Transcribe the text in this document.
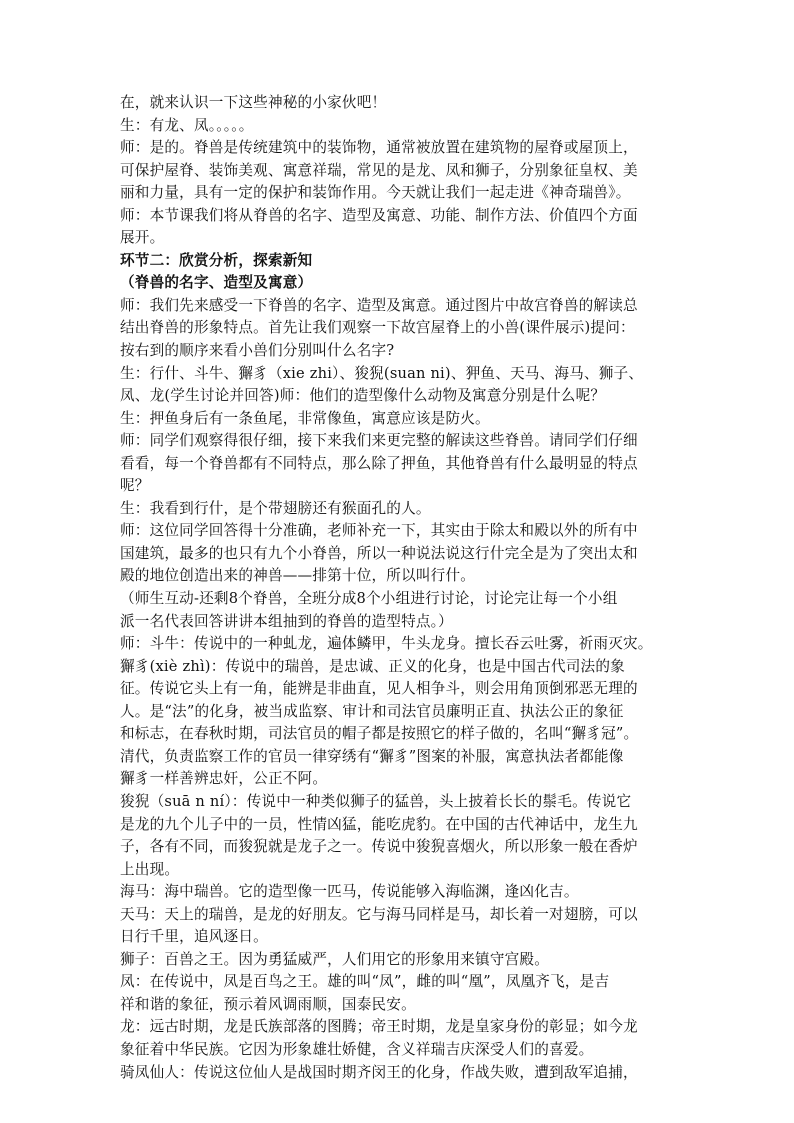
在，就来认识一下这些神秘的小家伙吧！

生：有龙、凤。。。。。

师：是的。脊兽是传统建筑中的装饰物，通常被放置在建筑物的屋脊或屋顶上，

可保护屋脊、装饰美观、寓意祥瑞，常见的是龙、凤和狮子，分别象征皇权、美

丽和力量，具有一定的保护和装饰作用。今天就让我们一起走进《神奇瑞兽》。

师：本节课我们将从脊兽的名字、造型及寓意、功能、制作方法、价值四个方面

展开。

环节二：欣赏分析，探索新知

（脊兽的名字、造型及寓意）

师：我们先来感受一下脊兽的名字、造型及寓意。通过图片中故宫脊兽的解读总

结出脊兽的形象特点。首先让我们观察一下故宫屋脊上的小兽(课件展示)提问：

按右到的顺序来看小兽们分别叫什么名字?

生：行什、斗牛、獬豸（xie zhi）、狻猊(suan ni)、狎鱼、天马、海马、狮子、

凤、龙(学生讨论并回答)师：他们的造型像什么动物及寓意分别是什么呢？

生：押鱼身后有一条鱼尾，非常像鱼，寓意应该是防火。

师：同学们观察得很仔细，接下来我们来更完整的解读这些脊兽。请同学们仔细

看看，每一个脊兽都有不同特点，那么除了押鱼，其他脊兽有什么最明显的特点

呢？

生：我看到行什，是个带翅膀还有猴面孔的人。

师：这位同学回答得十分准确，老师补充一下，其实由于除太和殿以外的所有中

国建筑，最多的也只有九个小脊兽，所以一种说法说这行什完全是为了突出太和

殿的地位创造出来的神兽——排第十位，所以叫行什。

（师生互动-还剩8个脊兽，全班分成8个小组进行讨论，讨论完让每一个小组

派一名代表回答讲讲本组抽到的脊兽的造型特点。）

师：斗牛：传说中的一种虬龙，遍体鳞甲，牛头龙身。擅长吞云吐雾，祈雨灭灾。

獬豸(xiè zhì)：传说中的瑞兽，是忠诚、正义的化身，也是中国古代司法的象

征。传说它头上有一角，能辨是非曲直，见人相争斗，则会用角顶倒邪恶无理的

人。是“法”的化身，被当成监察、审计和司法官员廉明正直、执法公正的象征

和标志，在春秋时期，司法官员的帽子都是按照它的样子做的，名叫“獬豸冠”。

清代，负责监察工作的官员一律穿绣有“獬豸”图案的补服，寓意执法者都能像

獬豸一样善辨忠奸，公正不阿。

狻猊（suā n ní）：传说中一种类似狮子的猛兽，头上披着长长的鬃毛。传说它

是龙的九个儿子中的一员，性情凶猛，能吃虎豹。在中国的古代神话中，龙生九

子，各有不同，而狻猊就是龙子之一。传说中狻猊喜烟火，所以形象一般在香炉

上出现。

海马：海中瑞兽。它的造型像一匹马，传说能够入海临渊，逢凶化吉。

天马：天上的瑞兽，是龙的好朋友。它与海马同样是马，却长着一对翅膀，可以

日行千里，追风逐日。

狮子：百兽之王。因为勇猛威严，人们用它的形象用来镇守宫殿。

凤：在传说中，凤是百鸟之王。雄的叫“凤”，雌的叫“凰”，凤凰齐飞，是吉

祥和谐的象征，预示着风调雨顺，国泰民安。

龙：远古时期，龙是氏族部落的图腾；帝王时期，龙是皇家身份的彰显；如今龙

象征着中华民族。它因为形象雄壮娇健，含义祥瑞吉庆深受人们的喜爱。

骑凤仙人：传说这位仙人是战国时期齐闵王的化身，作战失败，遭到敌军追捕，
